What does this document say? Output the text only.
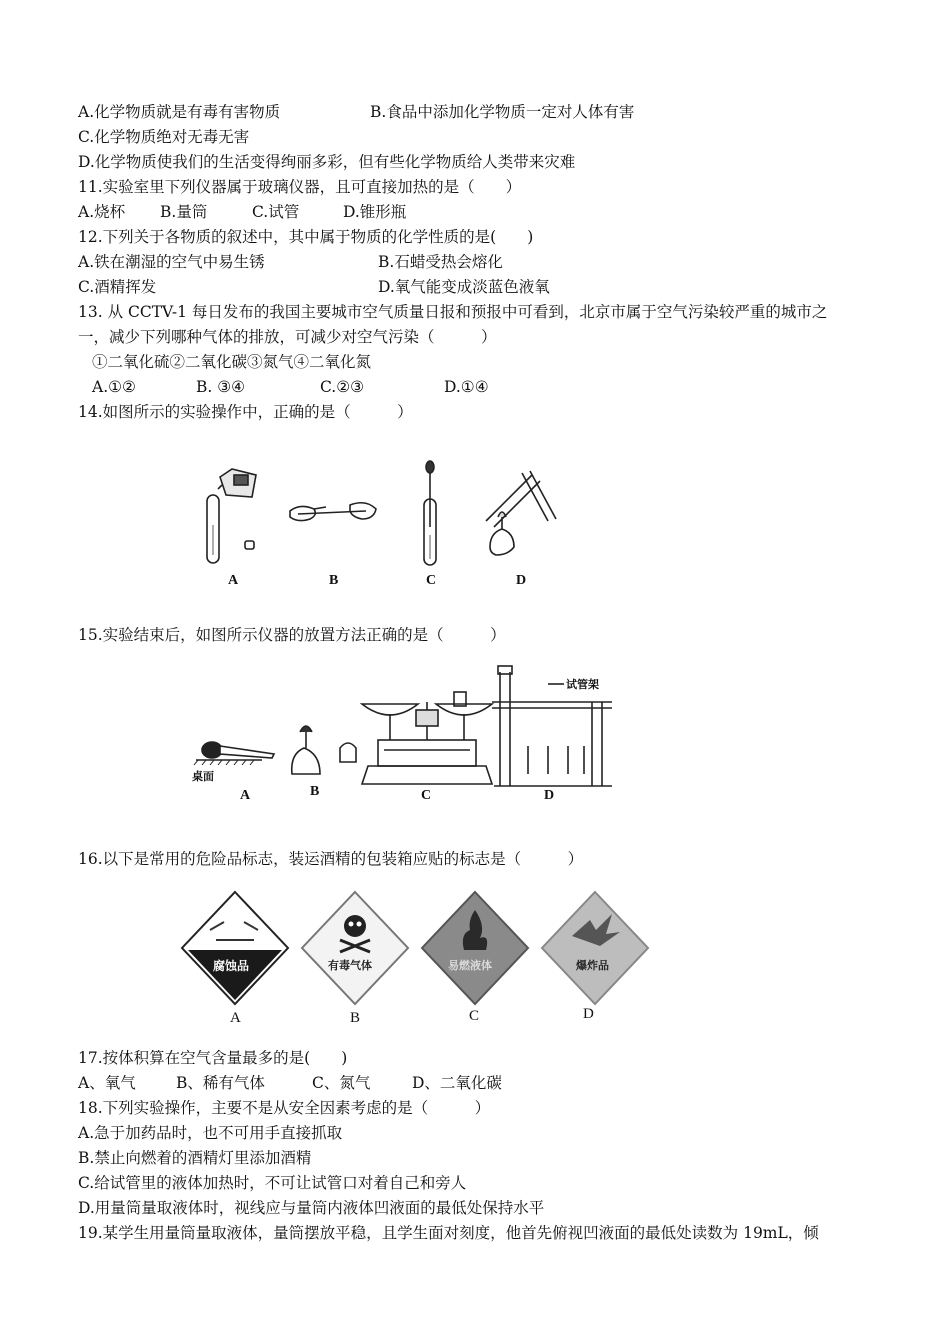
A.化学物质就是有毒有害物质	B.食品中添加化学物质一定对人体有害
C.化学物质绝对无毒无害
D.化学物质使我们的生活变得绚丽多彩，但有些化学物质给人类带来灾难
11.实验室里下列仪器属于玻璃仪器，且可直接加热的是（　　）
A.烧杯 B.量筒	C.试管	D.锥形瓶
12.下列关于各物质的叙述中，其中属于物质的化学性质的是(　　)
A.铁在潮湿的空气中易生锈	B.石蜡受热会熔化
C.酒精挥发	D.氧气能变成淡蓝色液氧
13. 从 CCTV-1 每日发布的我国主要城市空气质量日报和预报中可看到，北京市属于空气污染较严重的城市之
一，减少下列哪种气体的排放，可减少对空气污染（　　　）
①二氧化硫②二氧化碳③氮气④二氧化氮
A.①②	B. ③④	C.②③	D.①④
14.如图所示的实验操作中，正确的是（　　　）
A	B	C	D
15.实验结束后，如图所示仪器的放置方法正确的是（　　　）
桌面
试管架
A	B	C	D
16.以下是常用的危险品标志，装运酒精的包装箱应贴的标志是（　　　）
腐蚀品	有毒气体	易燃液体	爆炸品
A	B	C	D
17.按体积算在空气含量最多的是(　　)
A、氧气	B、稀有气体	C、氮气	D、二氧化碳
18.下列实验操作，主要不是从安全因素考虑的是（　　　）
A.急于加药品时，也不可用手直接抓取
B.禁止向燃着的酒精灯里添加酒精
C.给试管里的液体加热时，不可让试管口对着自己和旁人
D.用量筒量取液体时，视线应与量筒内液体凹液面的最低处保持水平
19.某学生用量筒量取液体，量筒摆放平稳，且学生面对刻度，他首先俯视凹液面的最低处读数为 19mL，倾
